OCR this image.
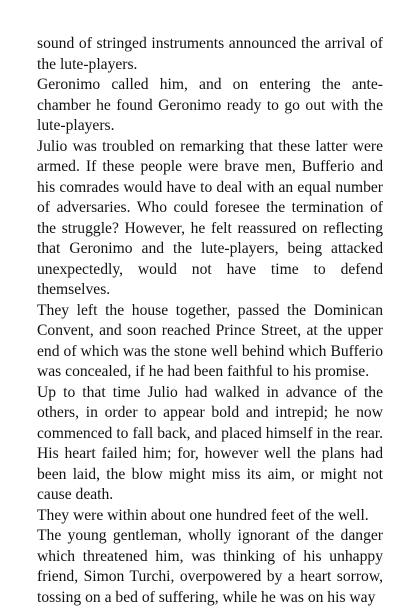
sound of stringed instruments announced the arrival of the lute-players.

Geronimo called him, and on entering the ante-chamber he found Geronimo ready to go out with the lute-players.

Julio was troubled on remarking that these latter were armed. If these people were brave men, Bufferio and his comrades would have to deal with an equal number of adversaries. Who could foresee the termination of the struggle? However, he felt reassured on reflecting that Geronimo and the lute-players, being attacked unexpectedly, would not have time to defend themselves.

They left the house together, passed the Dominican Convent, and soon reached Prince Street, at the upper end of which was the stone well behind which Bufferio was concealed, if he had been faithful to his promise.

Up to that time Julio had walked in advance of the others, in order to appear bold and intrepid; he now commenced to fall back, and placed himself in the rear. His heart failed him; for, however well the plans had been laid, the blow might miss its aim, or might not cause death.

They were within about one hundred feet of the well.

The young gentleman, wholly ignorant of the danger which threatened him, was thinking of his unhappy friend, Simon Turchi, overpowered by a heart sorrow, tossing on a bed of suffering, while he was on his way
